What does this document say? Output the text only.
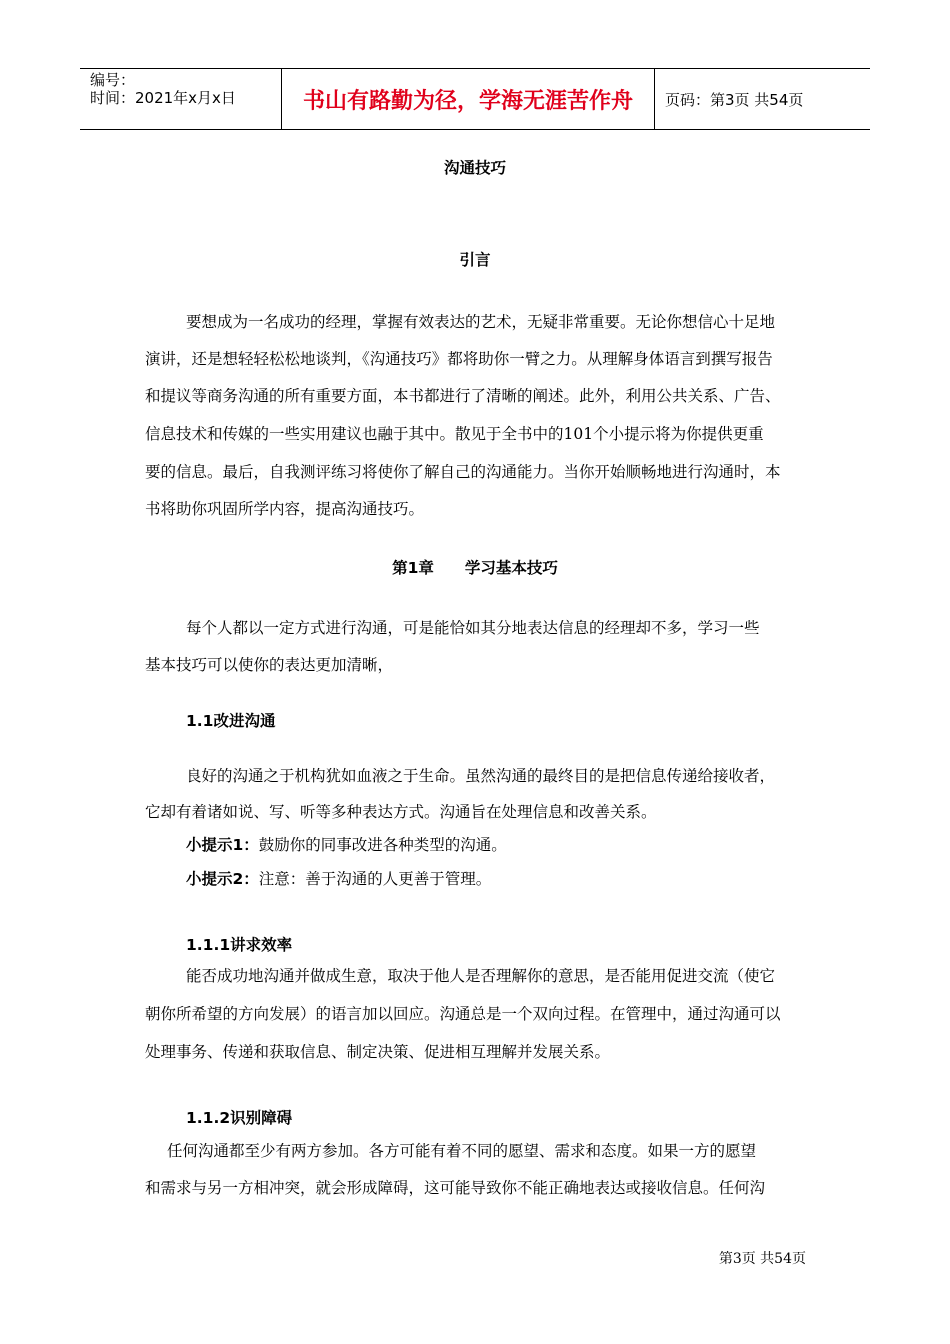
编号：
时间：2021年x月x日	书山有路勤为径，学海无涯苦作舟 页码：第3页 共54页
沟通技巧
引言
要想成为一名成功的经理，掌握有效表达的艺术，无疑非常重要。无论你想信心十足地
演讲，还是想轻轻松松地谈判，《沟通技巧》都将助你一臂之力。从理解身体语言到撰写报告
和提议等商务沟通的所有重要方面，本书都进行了清晰的阐述。此外，利用公共关系、广告、
信息技术和传媒的一些实用建议也融于其中。散见于全书中的101个小提示将为你提供更重
要的信息。最后，自我测评练习将使你了解自己的沟通能力。当你开始顺畅地进行沟通时，本
书将助你巩固所学内容，提高沟通技巧。
第1章　　学习基本技巧
每个人都以一定方式进行沟通，可是能恰如其分地表达信息的经理却不多，学习一些
基本技巧可以使你的表达更加清晰，
1.1改进沟通
良好的沟通之于机构犹如血液之于生命。虽然沟通的最终目的是把信息传递给接收者，
它却有着诸如说、写、听等多种表达方式。沟通旨在处理信息和改善关系。
小提示1：鼓励你的同事改进各种类型的沟通。
小提示2：注意：善于沟通的人更善于管理。
1.1.1讲求效率
能否成功地沟通并做成生意，取决于他人是否理解你的意思，是否能用促进交流（使它
朝你所希望的方向发展）的语言加以回应。沟通总是一个双向过程。在管理中，通过沟通可以
处理事务、传递和获取信息、制定决策、促进相互理解并发展关系。
1.1.2识别障碍
任何沟通都至少有两方参加。各方可能有着不同的愿望、需求和态度。如果一方的愿望
和需求与另一方相冲突，就会形成障碍，这可能导致你不能正确地表达或接收信息。任何沟
第3页 共54页
